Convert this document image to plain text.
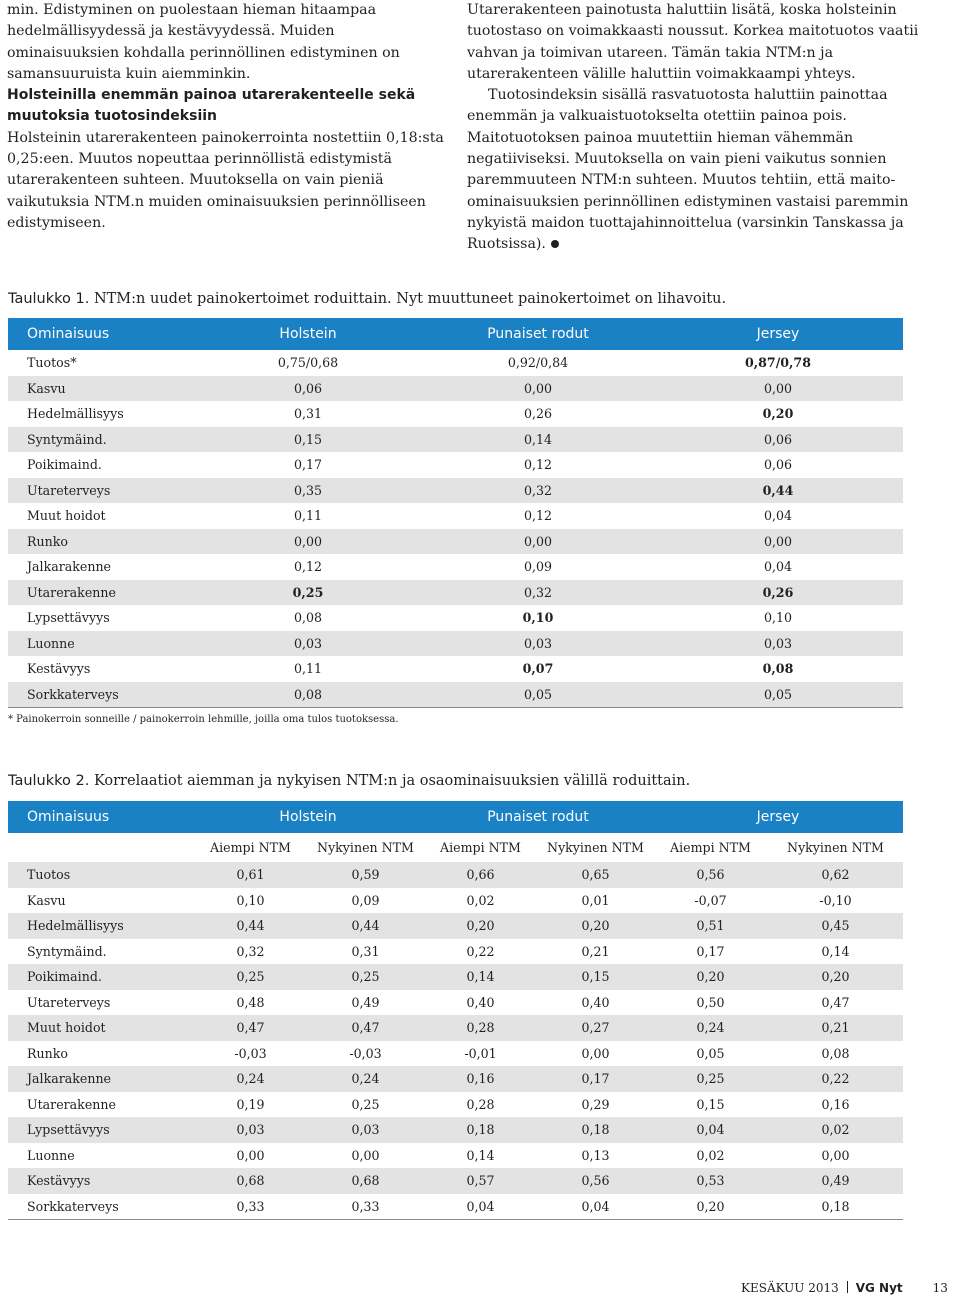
min. Edistyminen on puolestaan hieman hitaampaa hedelmällisyydessä ja kestävyydessä. Muiden ominaisuuksien kohdalla perinnöllinen edistyminen on samansuuruista kuin aiemminkin.

Holsteinilla enemmän painoa utarerakenteelle sekä muutoksia tuotosindeksiin

Holsteinin utarerakenteen painokerrointa nostettiin 0,18:sta 0,25:een. Muutos nopeuttaa perinnöllistä edistymistä utarerakenteen suhteen. Muutoksella on vain pieniä vaikutuksia NTM.n muiden ominaisuuksien perinnölliseen edistymiseen.

Utarerakenteen painotusta haluttiin lisätä, koska holsteinin tuotostaso on voimakkaasti noussut. Korkea maitotuotos vaatii vahvan ja toimivan utareen. Tämän takia NTM:n ja utarerakenteen välille haluttiin voimakkaampi yhteys.

Tuotosindeksin sisällä rasvatuotosta haluttiin painottaa enemmän ja valkuaistuotokselta otettiin painoa pois. Maitotuotoksen painoa muutettiin hieman vähemmän negatiiviseksi. Muutoksella on vain pieni vaikutus sonnien paremmuuteen NTM:n suhteen. Muutos tehtiin, että maito-ominaisuuksien perinnöllinen edistyminen vastaisi paremmin nykyistä maidon tuottajahinnoittelua (varsinkin Tanskassa ja Ruotsissa).

Taulukko 1. NTM:n uudet painokertoimet roduittain. Nyt muuttuneet painokertoimet on lihavoitu.
Ominaisuus	Holstein	Punaiset rodut	Jersey
Tuotos*	0,75/0,68	0,92/0,84	0,87/0,78
Kasvu	0,06	0,00	0,00
Hedelmällisyys	0,31	0,26	0,20
Syntymäind.	0,15	0,14	0,06
Poikimaind.	0,17	0,12	0,06
Utareterveys	0,35	0,32	0,44
Muut hoidot	0,11	0,12	0,04
Runko	0,00	0,00	0,00
Jalkarakenne	0,12	0,09	0,04
Utarerakenne	0,25	0,32	0,26
Lypsettävyys	0,08	0,10	0,10
Luonne	0,03	0,03	0,03
Kestävyys	0,11	0,07	0,08
Sorkkaterveys	0,08	0,05	0,05
* Painokerroin sonneille / painokerroin lehmille, joilla oma tulos tuotoksessa.
Taulukko 2. Korrelaatiot aiemman ja nykyisen NTM:n ja osaominaisuuksien välillä roduittain.
Ominaisuus	Holstein		Punaiset rodut		Jersey	
	Aiempi NTM	Nykyinen NTM	Aiempi NTM	Nykyinen NTM	Aiempi NTM	Nykyinen NTM
Tuotos	0,61	0,59	0,66	0,65	0,56	0,62
Kasvu	0,10	0,09	0,02	0,01	-0,07	-0,10
Hedelmällisyys	0,44	0,44	0,20	0,20	0,51	0,45
Syntymäind.	0,32	0,31	0,22	0,21	0,17	0,14
Poikimaind.	0,25	0,25	0,14	0,15	0,20	0,20
Utareterveys	0,48	0,49	0,40	0,40	0,50	0,47
Muut hoidot	0,47	0,47	0,28	0,27	0,24	0,21
Runko	-0,03	-0,03	-0,01	0,00	0,05	0,08
Jalkarakenne	0,24	0,24	0,16	0,17	0,25	0,22
Utarerakenne	0,19	0,25	0,28	0,29	0,15	0,16
Lypsettävyys	0,03	0,03	0,18	0,18	0,04	0,02
Luonne	0,00	0,00	0,14	0,13	0,02	0,00
Kestävyys	0,68	0,68	0,57	0,56	0,53	0,49
Sorkkaterveys	0,33	0,33	0,04	0,04	0,20	0,18
KESÄKUU 2013 VG Nyt	13
